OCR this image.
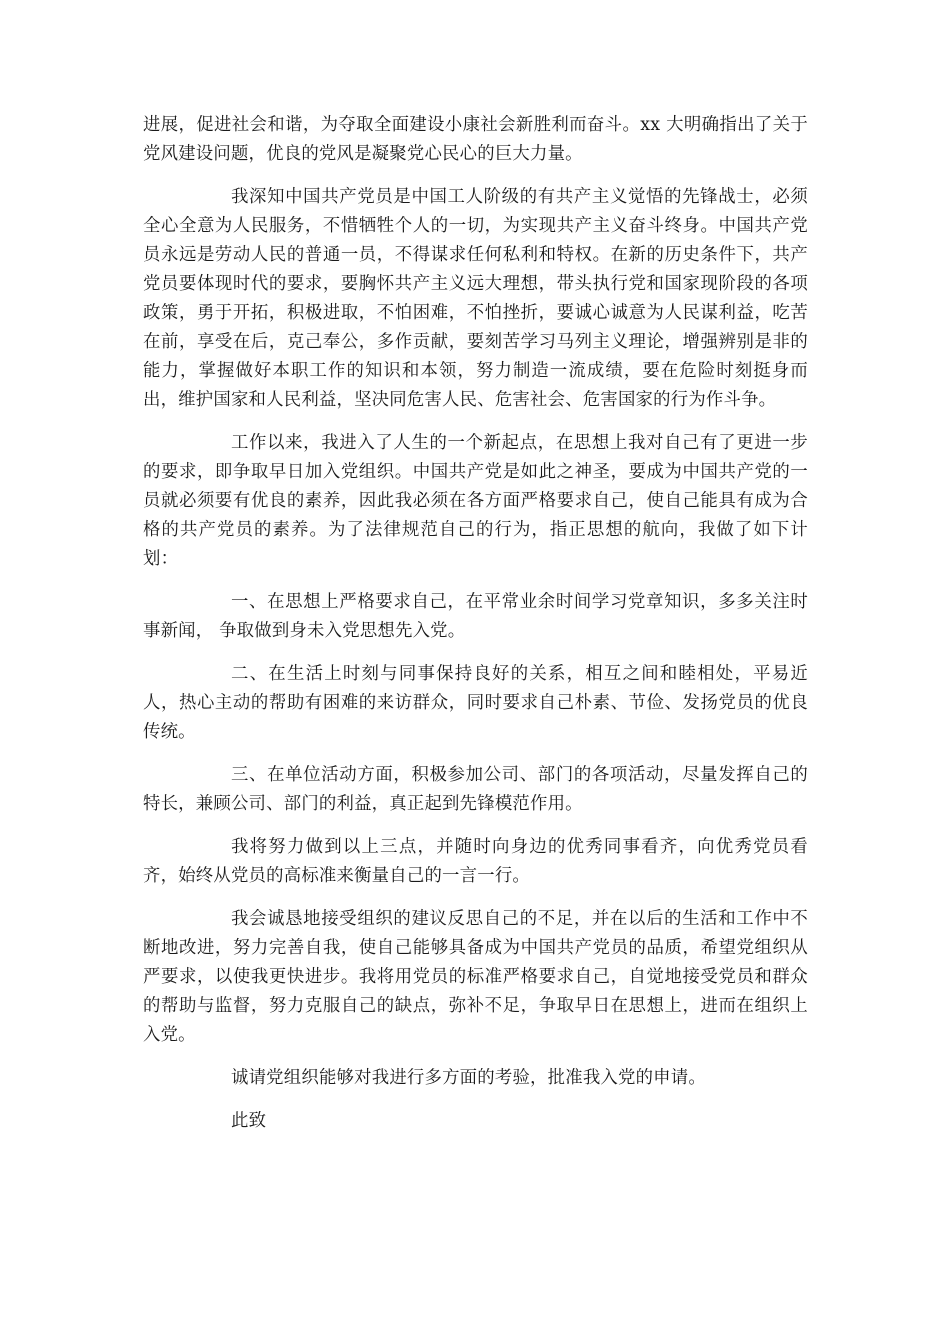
进展，促进社会和谐，为夺取全面建设小康社会新胜利而奋斗。xx 大明确指出了关于党风建设问题，优良的党风是凝聚党心民心的巨大力量。

我深知中国共产党员是中国工人阶级的有共产主义觉悟的先锋战士，必须全心全意为人民服务，不惜牺牲个人的一切，为实现共产主义奋斗终身。中国共产党员永远是劳动人民的普通一员，不得谋求任何私利和特权。在新的历史条件下，共产党员要体现时代的要求，要胸怀共产主义远大理想，带头执行党和国家现阶段的各项政策，勇于开拓，积极进取，不怕困难，不怕挫折，要诚心诚意为人民谋利益，吃苦在前，享受在后，克己奉公，多作贡献，要刻苦学习马列主义理论，增强辨别是非的能力，掌握做好本职工作的知识和本领，努力制造一流成绩，要在危险时刻挺身而出，维护国家和人民利益，坚决同危害人民、危害社会、危害国家的行为作斗争。

工作以来，我进入了人生的一个新起点，在思想上我对自己有了更进一步的要求，即争取早日加入党组织。中国共产党是如此之神圣，要成为中国共产党的一员就必须要有优良的素养，因此我必须在各方面严格要求自己，使自己能具有成为合格的共产党员的素养。为了法律规范自己的行为，指正思想的航向，我做了如下计划：

一、在思想上严格要求自己，在平常业余时间学习党章知识，多多关注时事新闻， 争取做到身未入党思想先入党。

二、在生活上时刻与同事保持良好的关系，相互之间和睦相处，平易近人，热心主动的帮助有困难的来访群众，同时要求自己朴素、节俭、发扬党员的优良传统。

三、在单位活动方面，积极参加公司、部门的各项活动，尽量发挥自己的特长，兼顾公司、部门的利益，真正起到先锋模范作用。

我将努力做到以上三点，并随时向身边的优秀同事看齐，向优秀党员看齐，始终从党员的高标准来衡量自己的一言一行。

我会诚恳地接受组织的建议反思自己的不足，并在以后的生活和工作中不断地改进，努力完善自我，使自己能够具备成为中国共产党员的品质，希望党组织从严要求，以使我更快进步。我将用党员的标准严格要求自己，自觉地接受党员和群众的帮助与监督，努力克服自己的缺点，弥补不足，争取早日在思想上，进而在组织上入党。

诚请党组织能够对我进行多方面的考验，批准我入党的申请。

此致
